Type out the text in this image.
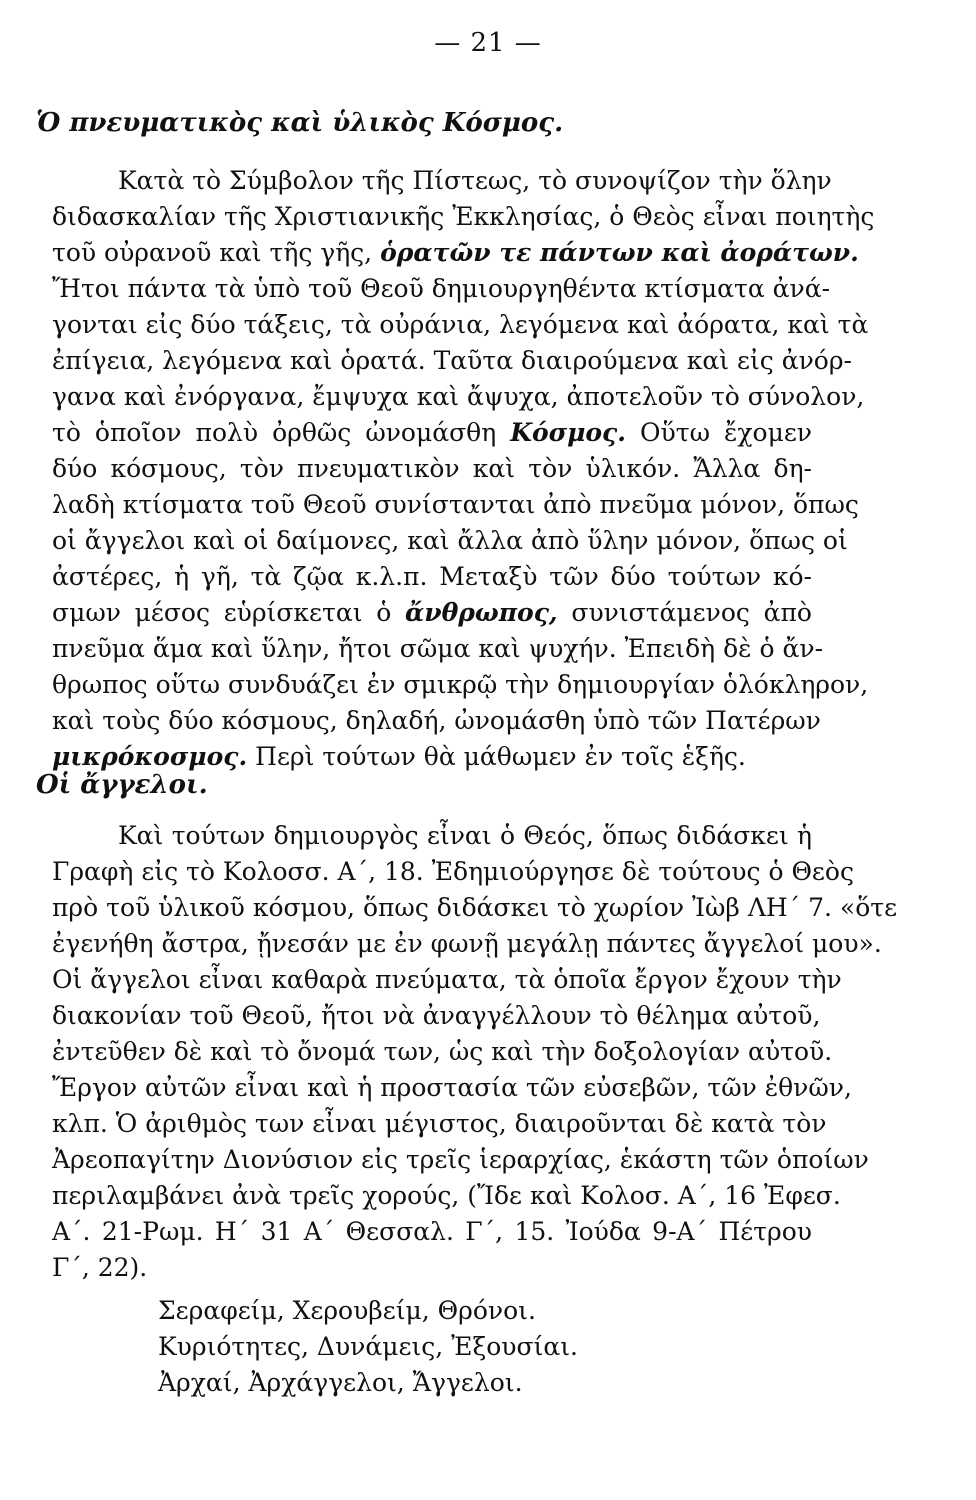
— 21 —
Ὁ πνευματικὸς καὶ ὑλικὸς Κόσμος.
Κατὰ τὸ Σύμβολον τῆς Πίστεως, τὸ συνοψίζον τὴν ὅλην
διδασκαλίαν τῆς Χριστιανικῆς Ἐκκλησίας, ὁ Θεὸς εἶναι ποιητὴς
τοῦ οὐρανοῦ καὶ τῆς γῆς, ὁρατῶν τε πάντων καὶ ἀοράτων.
Ἤτοι πάντα τὰ ὑπὸ τοῦ Θεοῦ δημιουργηθέντα κτίσματα ἀνά-
γονται εἰς δύο τάξεις, τὰ οὐράνια, λεγόμενα καὶ ἀόρατα, καὶ τὰ
ἐπίγεια, λεγόμενα καὶ ὁρατά. Ταῦτα διαιρούμενα καὶ εἰς ἀνόρ-
γανα καὶ ἐνόργανα, ἔμψυχα καὶ ἄψυχα, ἀποτελοῦν τὸ σύνολον,
τὸ ὁποῖον πολὺ ὀρθῶς ὠνομάσθη Κόσμος. Οὕτω ἔχομεν
δύο κόσμους, τὸν πνευματικὸν καὶ τὸν ὑλικόν. Ἄλλα δη-
λαδὴ κτίσματα τοῦ Θεοῦ συνίστανται ἀπὸ πνεῦμα μόνον, ὅπως
οἱ ἄγγελοι καὶ οἱ δαίμονες, καὶ ἄλλα ἀπὸ ὕλην μόνον, ὅπως οἱ
ἀστέρες, ἡ γῆ, τὰ ζῷα κ.λ.π. Μεταξὺ τῶν δύο τούτων κό-
σμων μέσος εὑρίσκεται ὁ ἄνθρωπος, συνιστάμενος ἀπὸ
πνεῦμα ἅμα καὶ ὕλην, ἤτοι σῶμα καὶ ψυχήν. Ἐπειδὴ δὲ ὁ ἄν-
θρωπος οὕτω συνδυάζει ἐν σμικρῷ τὴν δημιουργίαν ὁλόκληρον,
καὶ τοὺς δύο κόσμους, δηλαδή, ὠνομάσθη ὑπὸ τῶν Πατέρων
μικρόκοσμος. Περὶ τούτων θὰ μάθωμεν ἐν τοῖς ἑξῆς.
Οἱ ἄγγελοι.
Καὶ τούτων δημιουργὸς εἶναι ὁ Θεός, ὅπως διδάσκει ἡ
Γραφὴ εἰς τὸ Κολοσσ. Α΄, 18. Ἐδημιούργησε δὲ τούτους ὁ Θεὸς
πρὸ τοῦ ὑλικοῦ κόσμου, ὅπως διδάσκει τὸ χωρίον Ἰὼβ ΛΗ΄ 7. «ὅτε
ἐγενήθη ἄστρα, ᾔνεσάν με ἐν φωνῇ μεγάλῃ πάντες ἄγγελοί μου».
Οἱ ἄγγελοι εἶναι καθαρὰ πνεύματα, τὰ ὁποῖα ἔργον ἔχουν τὴν
διακονίαν τοῦ Θεοῦ, ἤτοι νὰ ἀναγγέλλουν τὸ θέλημα αὐτοῦ,
ἐντεῦθεν δὲ καὶ τὸ ὄνομά των, ὡς καὶ τὴν δοξολογίαν αὐτοῦ.
Ἔργον αὐτῶν εἶναι καὶ ἡ προστασία τῶν εὐσεβῶν, τῶν ἐθνῶν,
κλπ. Ὁ ἀριθμὸς των εἶναι μέγιστος, διαιροῦνται δὲ κατὰ τὸν
Ἀρεοπαγίτην Διονύσιον εἰς τρεῖς ἱεραρχίας, ἑκάστη τῶν ὁποίων
περιλαμβάνει ἀνὰ τρεῖς χορούς, (Ἴδε καὶ Κολοσ. Α΄, 16 Ἐφεσ.
Α΄. 21-Ρωμ. Η΄ 31 Α΄ Θεσσαλ. Γ΄, 15. Ἰούδα 9-Α΄ Πέτρου
Γ΄, 22).
Σεραφείμ, Χερουβείμ, Θρόνοι.
Κυριότητες, Δυνάμεις, Ἐξουσίαι.
Ἀρχαί, Ἀρχάγγελοι, Ἄγγελοι.
